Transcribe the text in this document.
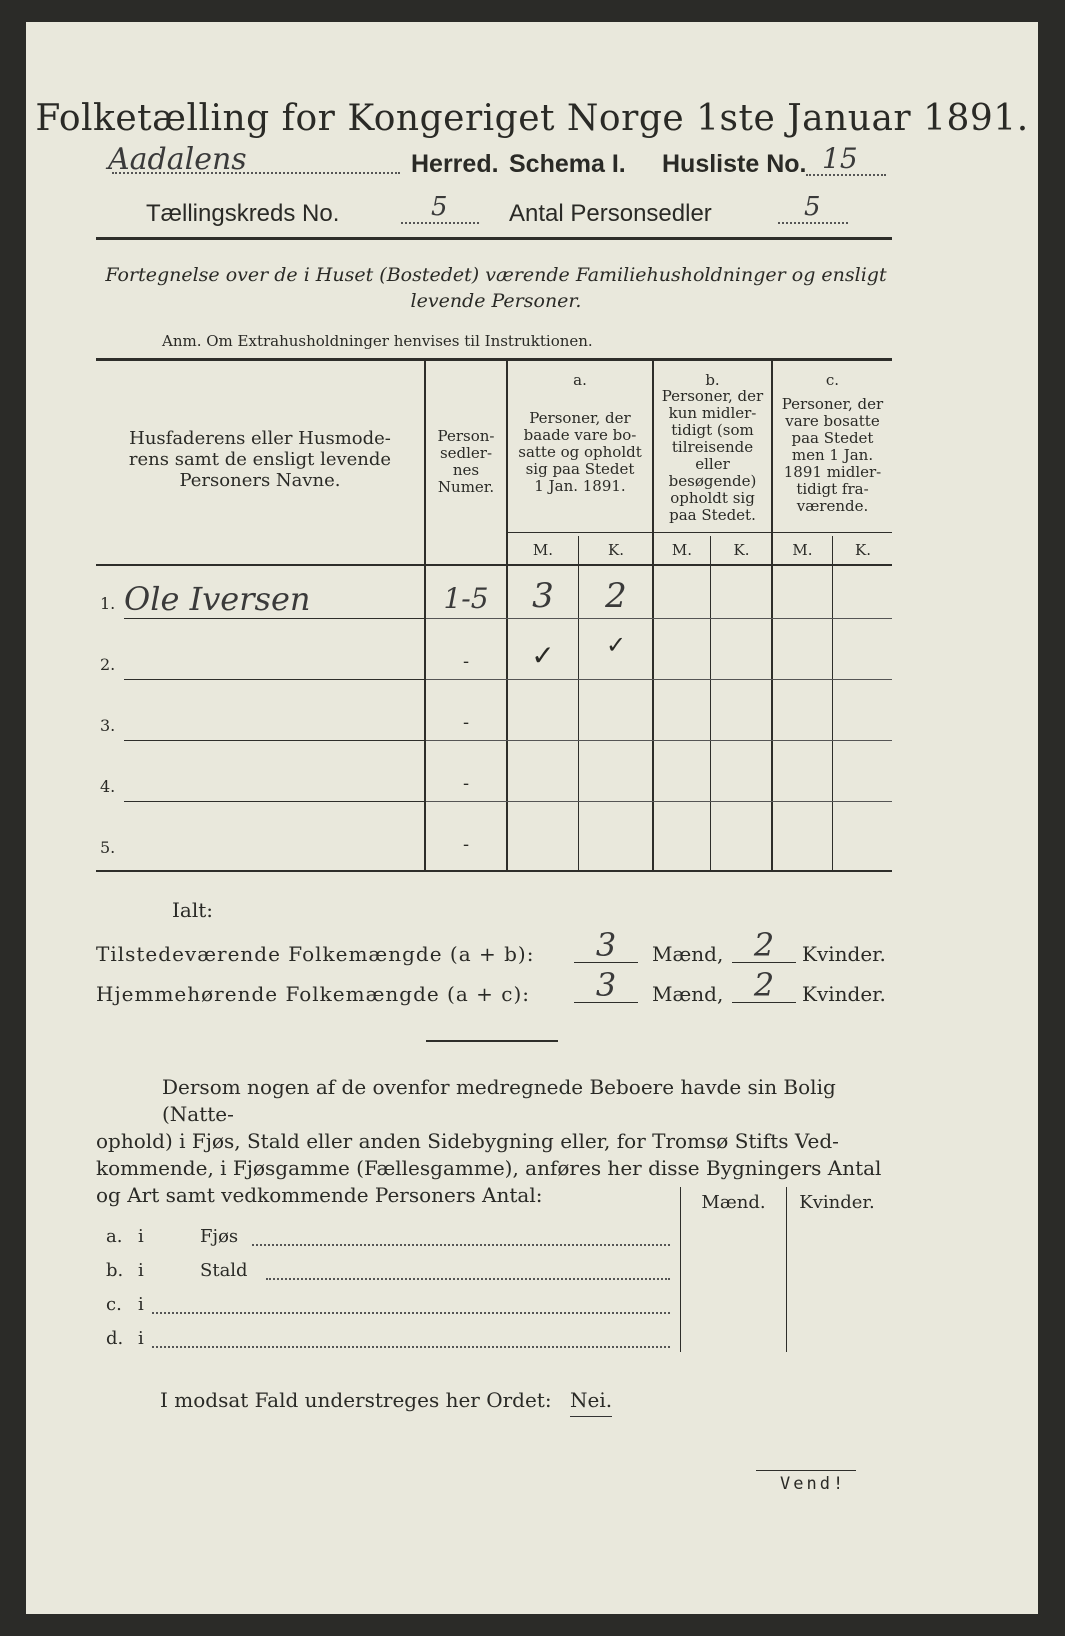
Folketælling for Kongeriget Norge 1ste Januar 1891.
Aadalens	Herred. Schema I. Husliste No. 15
Tællingskreds No.	5	Antal Personsedler	5
Fortegnelse over de i Huset (Bostedet) værende Familiehusholdninger og ensligt
levende Personer.
Anm. Om Extrahusholdninger henvises til Instruktionen.
Husfaderens eller Husmode-
rens samt de ensligt levende
Personers Navne.
Person-
sedler-
nes
Numer.
a.
Personer, der
baade vare bo-
satte og opholdt
sig paa Stedet
1 Jan. 1891.
b.
Personer, der
kun midler-
tidigt (som
tilreisende
eller
besøgende)
opholdt sig
paa Stedet.
c.
Personer, der
vare bosatte
paa Stedet
men 1 Jan.
1891 midler-
tidigt fra-
værende.
M.	K.	M.	K.	M.	K.
1. Ole Iversen	1-5	3	2
2.	-	✓	✓
3.	-
4.	-
5.	-
Ialt:
Tilstedeværende Folkemængde (a + b):	3	Mænd, 2	Kvinder.
Hjemmehørende Folkemængde (a + c):	3	Mænd, 2	Kvinder.
Dersom nogen af de ovenfor medregnede Beboere havde sin Bolig (Natte-
ophold) i Fjøs, Stald eller anden Sidebygning eller, for Tromsø Stifts Ved-
kommende, i Fjøsgamme (Fællesgamme), anføres her disse Bygningers Antal
og Art samt vedkommende Personers Antal:	Mænd.	Kvinder.
a. i	Fjøs
b. i	Stald
c. i
d. i
I modsat Fald understreges her Ordet: Nei.
Vend!
